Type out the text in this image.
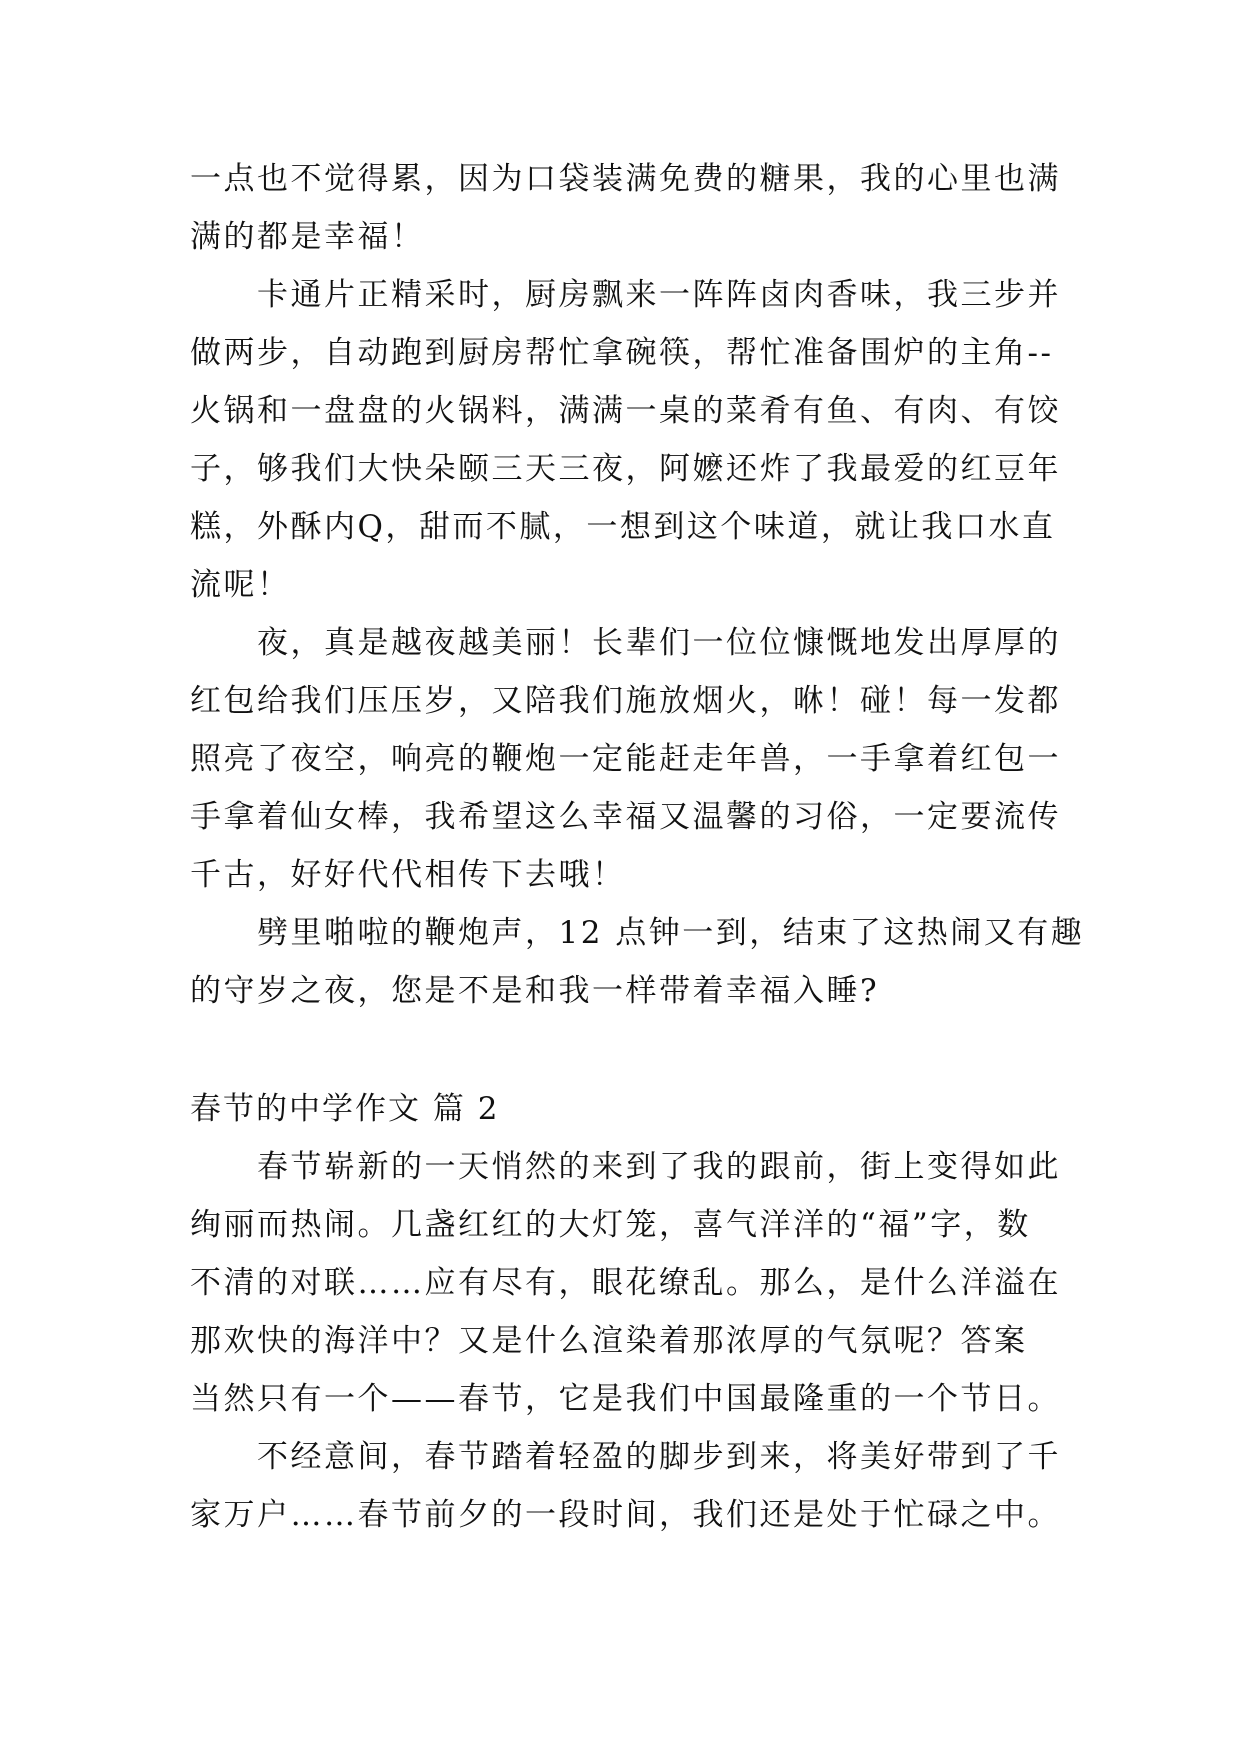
一点也不觉得累，因为口袋装满免费的糖果，我的心里也满
满的都是幸福！
　　卡通片正精采时，厨房飘来一阵阵卤肉香味，我三步并
做两步，自动跑到厨房帮忙拿碗筷，帮忙准备围炉的主角--
火锅和一盘盘的火锅料，满满一桌的菜肴有鱼、有肉、有饺
子，够我们大快朵颐三天三夜，阿嬷还炸了我最爱的红豆年
糕，外酥内Q，甜而不腻，一想到这个味道，就让我口水直
流呢！
　　夜，真是越夜越美丽！长辈们一位位慷慨地发出厚厚的
红包给我们压压岁，又陪我们施放烟火，咻！碰！每一发都
照亮了夜空，响亮的鞭炮一定能赶走年兽，一手拿着红包一
手拿着仙女棒，我希望这么幸福又温馨的习俗，一定要流传
千古，好好代代相传下去哦！
　　劈里啪啦的鞭炮声，12 点钟一到，结束了这热闹又有趣
的守岁之夜，您是不是和我一样带着幸福入睡?
春节的中学作文 篇 2
　　春节崭新的一天悄然的来到了我的跟前，街上变得如此
绚丽而热闹。几盏红红的大灯笼，喜气洋洋的“福”字，数
不清的对联……应有尽有，眼花缭乱。那么，是什么洋溢在
那欢快的海洋中？又是什么渲染着那浓厚的气氛呢？答案
当然只有一个——春节，它是我们中国最隆重的一个节日。
　　不经意间，春节踏着轻盈的脚步到来，将美好带到了千
家万户……春节前夕的一段时间，我们还是处于忙碌之中。
